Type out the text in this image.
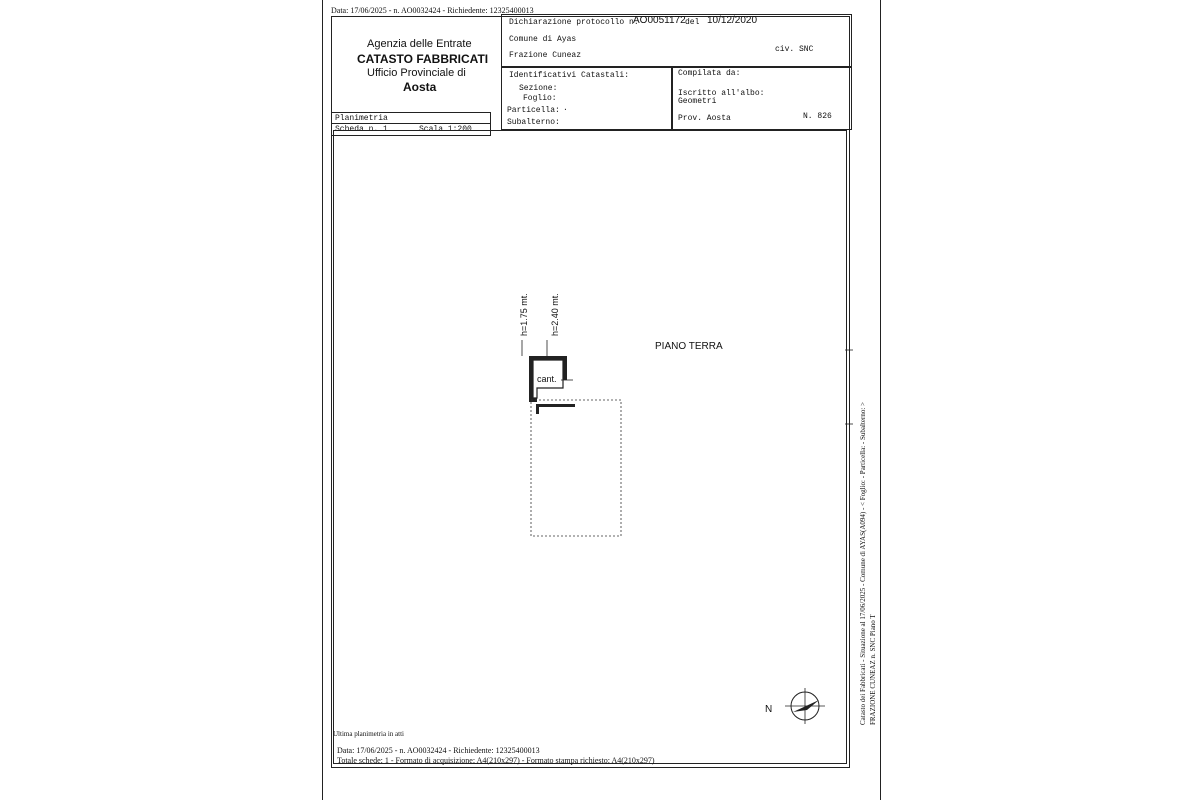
Data: 17/06/2025 - n. AO0032424 - Richiedente: 12325400013
Agenzia delle Entrate
CATASTO FABBRICATI
Ufficio Provinciale di
Aosta
Dichiarazione protocollo n.
AO0051172 del 10/12/2020
Comune di Ayas
Frazione Cuneaz
civ. SNC
Identificativi Catastali:
Sezione:
Foglio:
Particella: .
Subalterno:
Compilata da:
Iscritto all'albo:
Geometri
Prov. Aosta	N. 826
Planimetria
Scheda n. 1	Scala 1:200
h=1.75 mt. h=2.40 mt.
cant.
PIANO TERRA
N	Catasto dei Fabbricati - Situazione al 17/06/2025 - Comune di AYAS(A094) - < Foglio: - Particella: - Subalterno: > FRAZIONE CUNEAZ n. SNC Piano T
Ultima planimetria in atti
Data: 17/06/2025 - n. AO0032424 - Richiedente: 12325400013
Totale schede: 1 - Formato di acquisizione: A4(210x297) - Formato stampa richiesto: A4(210x297)
